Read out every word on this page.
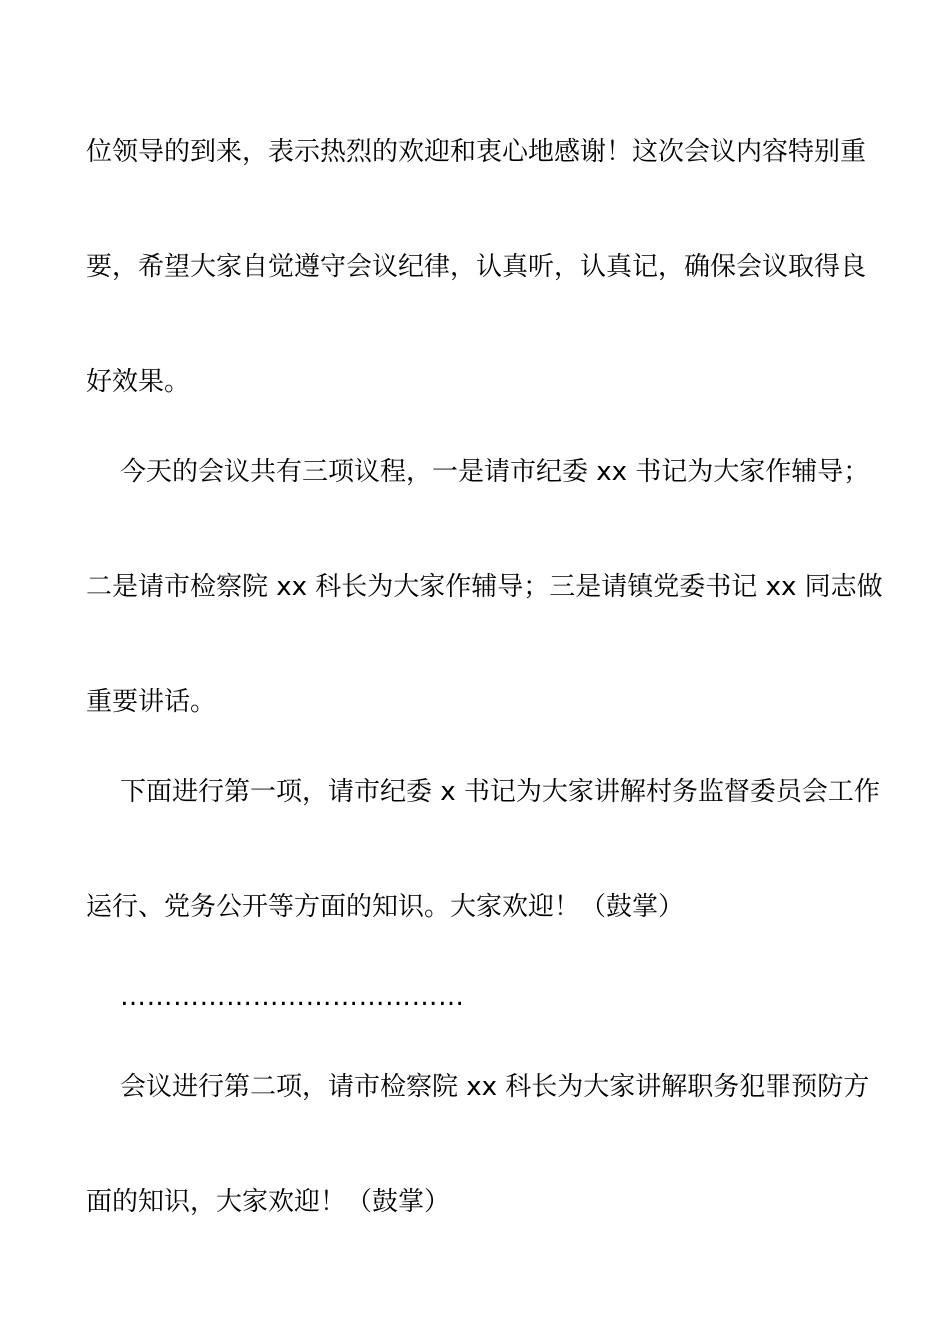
位领导的到来，表示热烈的欢迎和衷心地感谢！这次会议内容特别重
要，希望大家自觉遵守会议纪律，认真听，认真记，确保会议取得良
好效果。
今天的会议共有三项议程，一是请市纪委 xx 书记为大家作辅导；
二是请市检察院 xx 科长为大家作辅导；三是请镇党委书记 xx 同志做
重要讲话。
下面进行第一项，请市纪委 x 书记为大家讲解村务监督委员会工作
运行、党务公开等方面的知识。大家欢迎！（鼓掌）
…………………………………
会议进行第二项，请市检察院 xx 科长为大家讲解职务犯罪预防方
面的知识，大家欢迎！（鼓掌）
